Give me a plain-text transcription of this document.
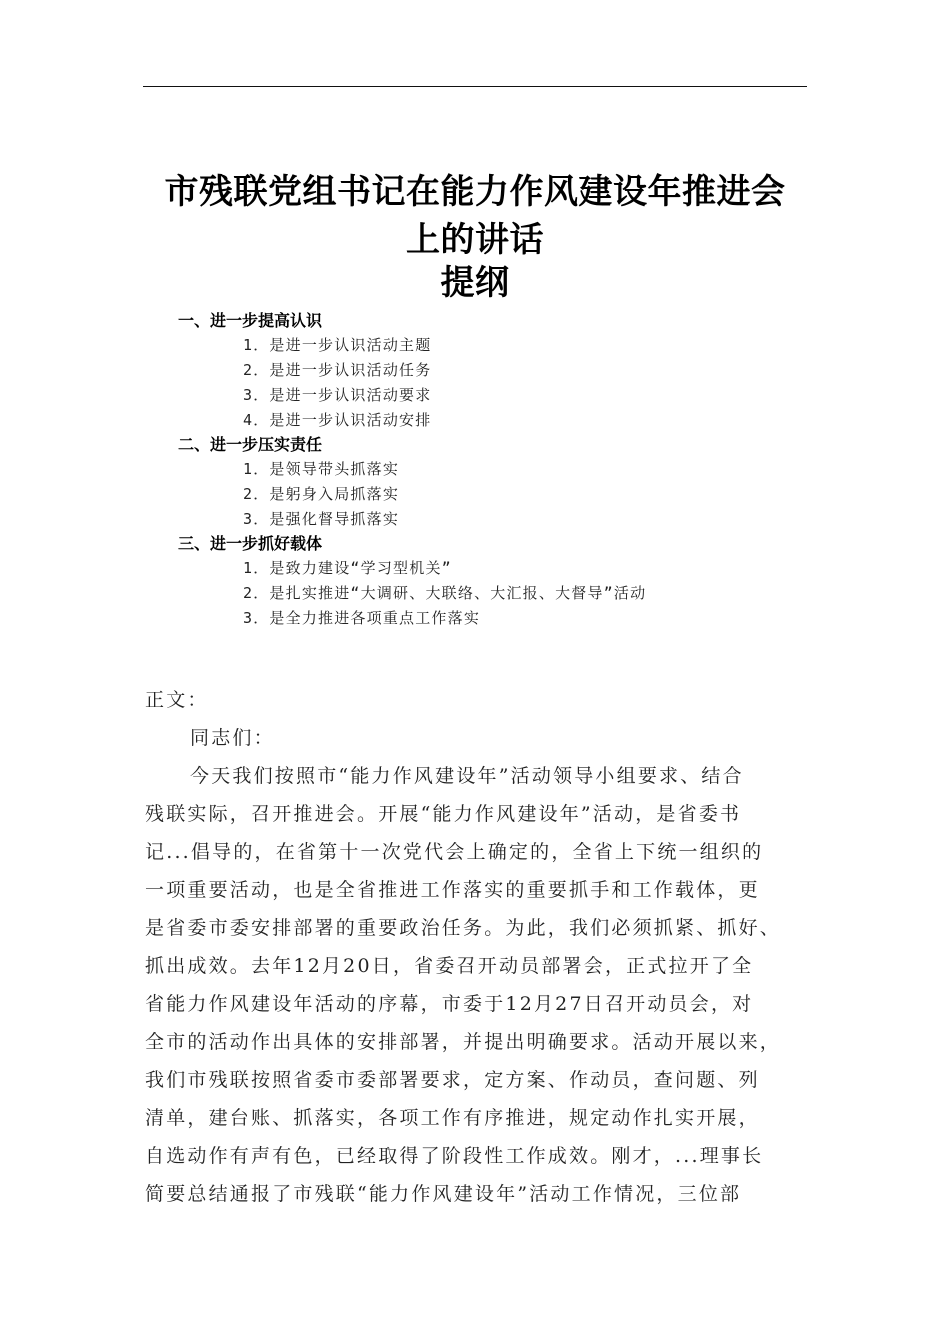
市残联党组书记在能力作风建设年推进会
上的讲话
提纲
一、进一步提高认识
1．是进一步认识活动主题
2．是进一步认识活动任务
3．是进一步认识活动要求
4．是进一步认识活动安排
二、进一步压实责任
1．是领导带头抓落实
2．是躬身入局抓落实
3．是强化督导抓落实
三、进一步抓好载体
1．是致力建设“学习型机关”
2．是扎实推进“大调研、大联络、大汇报、大督导”活动
3．是全力推进各项重点工作落实
正文：
同志们：
今天我们按照市“能力作风建设年”活动领导小组要求、结合
残联实际，召开推进会。开展“能力作风建设年”活动，是省委书
记...倡导的，在省第十一次党代会上确定的，全省上下统一组织的
一项重要活动，也是全省推进工作落实的重要抓手和工作载体，更
是省委市委安排部署的重要政治任务。为此，我们必须抓紧、抓好、
抓出成效。去年12月20日，省委召开动员部署会，正式拉开了全
省能力作风建设年活动的序幕，市委于12月27日召开动员会，对
全市的活动作出具体的安排部署，并提出明确要求。活动开展以来，
我们市残联按照省委市委部署要求，定方案、作动员，查问题、列
清单，建台账、抓落实，各项工作有序推进，规定动作扎实开展，
自选动作有声有色，已经取得了阶段性工作成效。刚才，...理事长
简要总结通报了市残联“能力作风建设年”活动工作情况，三位部
